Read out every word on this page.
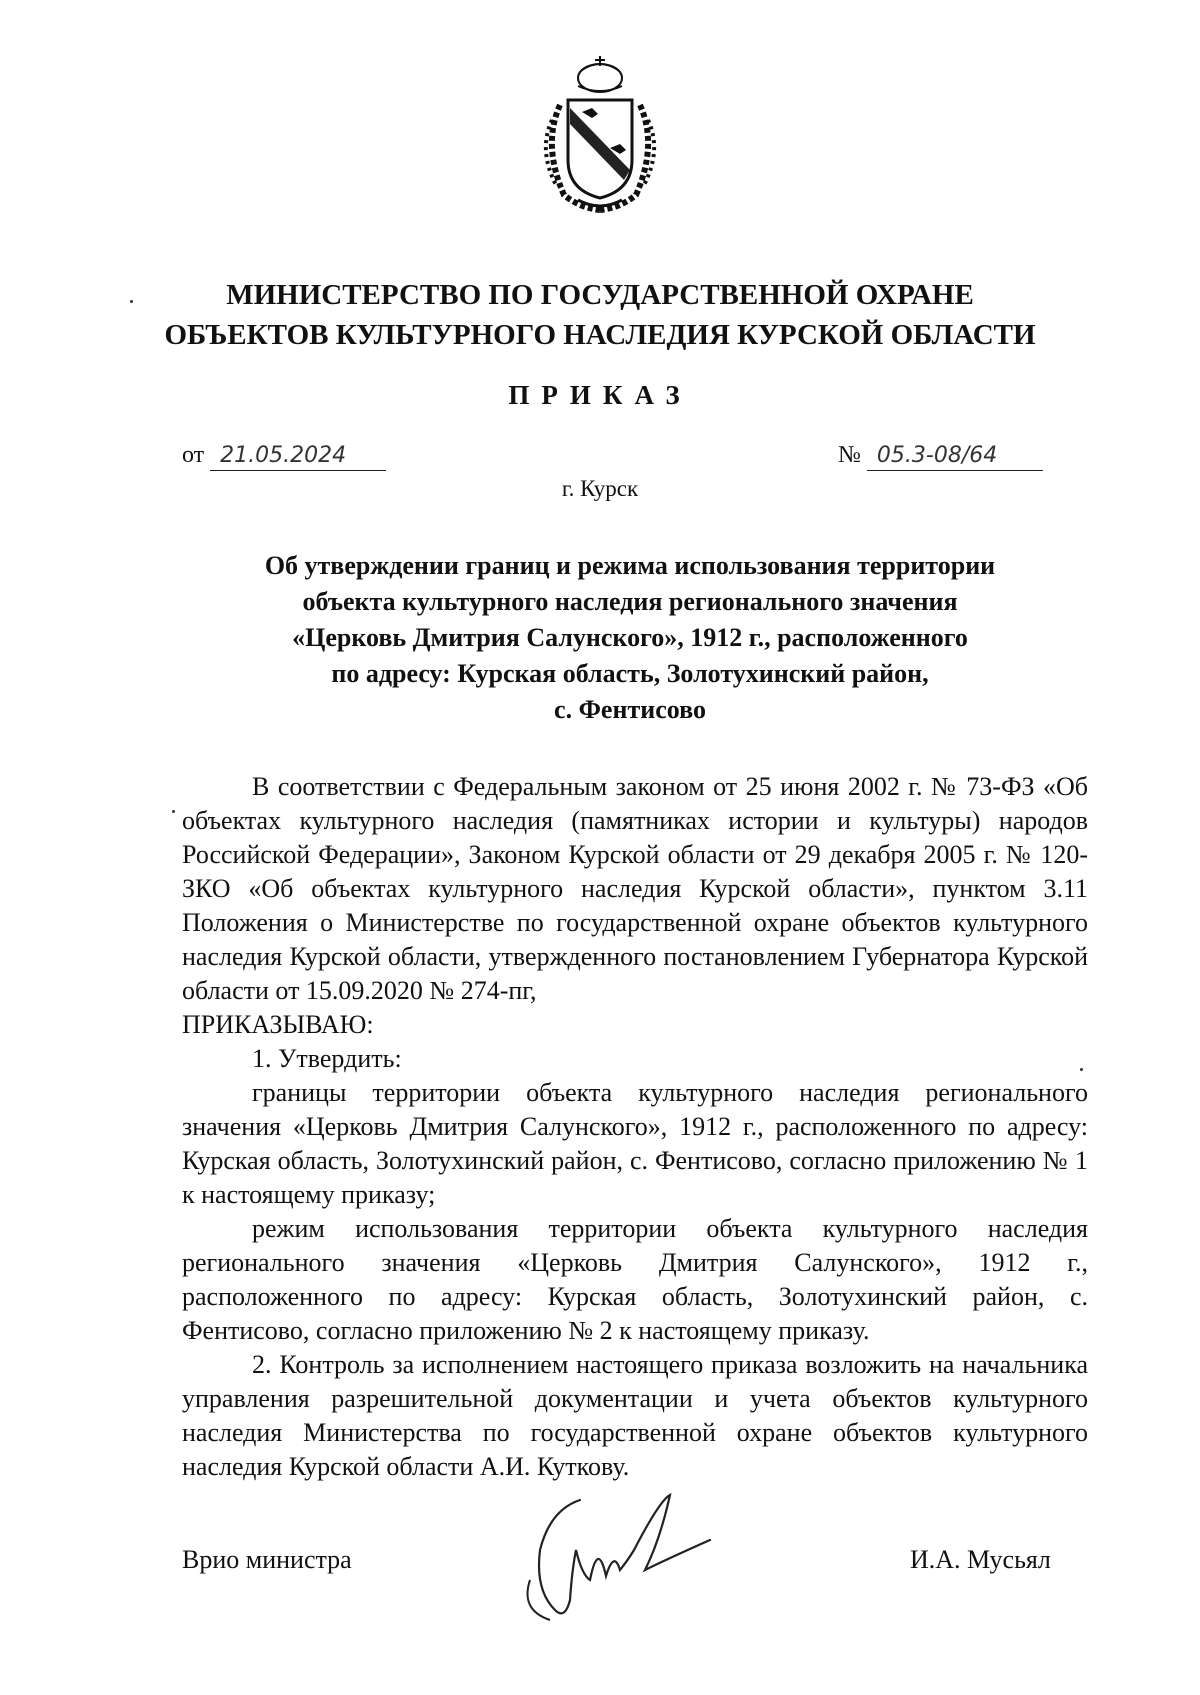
МИНИСТЕРСТВО ПО ГОСУДАРСТВЕННОЙ ОХРАНЕ
ОБЪЕКТОВ КУЛЬТУРНОГО НАСЛЕДИЯ КУРСКОЙ ОБЛАСТИ
ПРИКАЗ
от 21.05.2024	№ 05.3-08/64
г. Курск
Об утверждении границ и режима использования территории
объекта культурного наследия регионального значения
«Церковь Дмитрия Салунского», 1912 г., расположенного
по адресу: Курская область, Золотухинский район,
с. Фентисово

В соответствии с Федеральным законом от 25 июня 2002 г. № 73-ФЗ «Об объектах культурного наследия (памятниках истории и культуры) народов Российской Федерации», Законом Курской области от 29 декабря 2005 г. № 120-ЗКО «Об объектах культурного наследия Курской области», пунктом 3.11 Положения о Министерстве по государственной охране объектов культурного наследия Курской области, утвержденного постановлением Губернатора Курской области от 15.09.2020 № 274-пг,

ПРИКАЗЫВАЮ:

1. Утвердить:

границы территории объекта культурного наследия регионального значения «Церковь Дмитрия Салунского», 1912 г., расположенного по адресу: Курская область, Золотухинский район, с. Фентисово, согласно приложению № 1 к настоящему приказу;

режим использования территории объекта культурного наследия регионального значения «Церковь Дмитрия Салунского», 1912 г., расположенного по адресу: Курская область, Золотухинский район, с. Фентисово, согласно приложению № 2 к настоящему приказу.

2. Контроль за исполнением настоящего приказа возложить на начальника управления разрешительной документации и учета объектов культурного наследия Министерства по государственной охране объектов культурного наследия Курской области А.И. Куткову.

Врио министра	И.А. Мусьял
